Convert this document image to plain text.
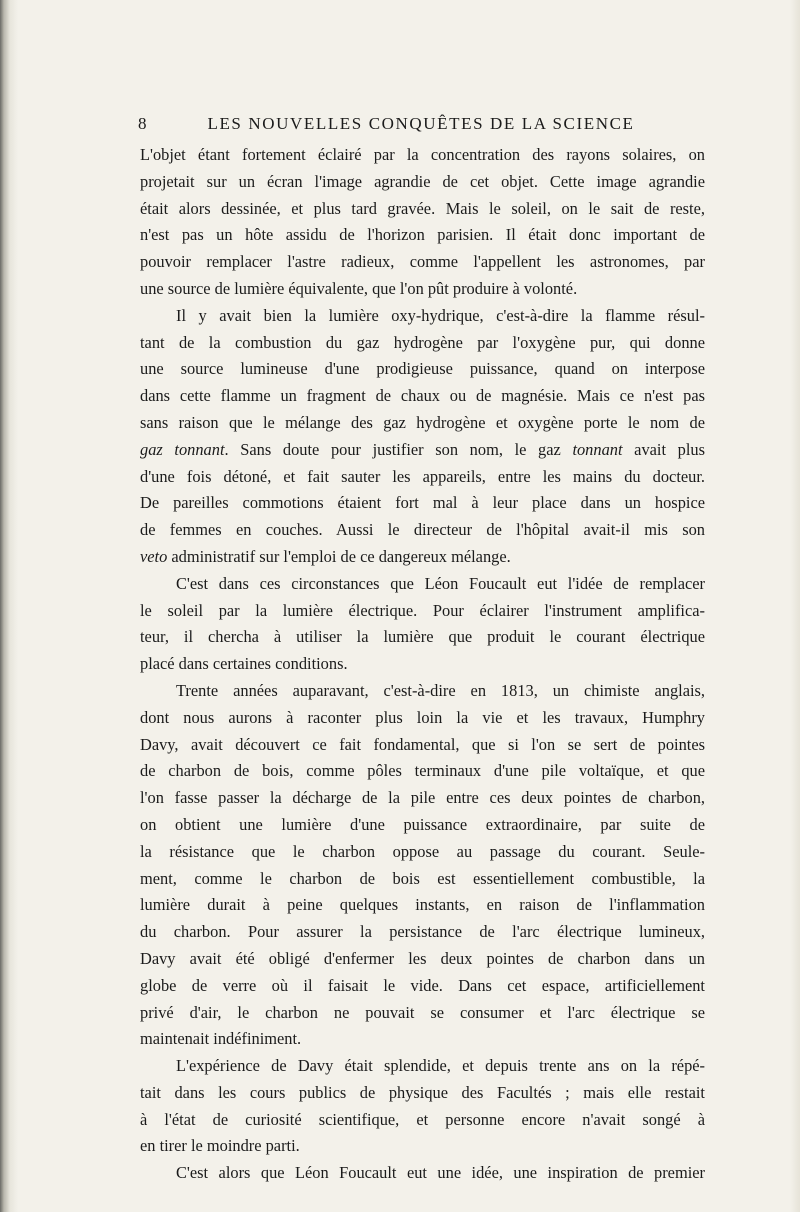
8	LES NOUVELLES CONQUÊTES DE LA SCIENCE
L'objet étant fortement éclairé par la concentration des rayons solaires, on
projetait sur un écran l'image agrandie de cet objet. Cette image agrandie
était alors dessinée, et plus tard gravée. Mais le soleil, on le sait de reste,
n'est pas un hôte assidu de l'horizon parisien. Il était donc important de
pouvoir remplacer l'astre radieux, comme l'appellent les astronomes, par
une source de lumière équivalente, que l'on pût produire à volonté.
Il y avait bien la lumière oxy-hydrique, c'est-à-dire la flamme résul-
tant de la combustion du gaz hydrogène par l'oxygène pur, qui donne
une source lumineuse d'une prodigieuse puissance, quand on interpose
dans cette flamme un fragment de chaux ou de magnésie. Mais ce n'est pas
sans raison que le mélange des gaz hydrogène et oxygène porte le nom de
gaz tonnant. Sans doute pour justifier son nom, le gaz tonnant avait plus
d'une fois détoné, et fait sauter les appareils, entre les mains du docteur.
De pareilles commotions étaient fort mal à leur place dans un hospice
de femmes en couches. Aussi le directeur de l'hôpital avait-il mis son
veto administratif sur l'emploi de ce dangereux mélange.
C'est dans ces circonstances que Léon Foucault eut l'idée de remplacer
le soleil par la lumière électrique. Pour éclairer l'instrument amplifica-
teur, il chercha à utiliser la lumière que produit le courant électrique
placé dans certaines conditions.
Trente années auparavant, c'est-à-dire en 1813, un chimiste anglais,
dont nous aurons à raconter plus loin la vie et les travaux, Humphry
Davy, avait découvert ce fait fondamental, que si l'on se sert de pointes
de charbon de bois, comme pôles terminaux d'une pile voltaïque, et que
l'on fasse passer la décharge de la pile entre ces deux pointes de charbon,
on obtient une lumière d'une puissance extraordinaire, par suite de
la résistance que le charbon oppose au passage du courant. Seule-
ment, comme le charbon de bois est essentiellement combustible, la
lumière durait à peine quelques instants, en raison de l'inflammation
du charbon. Pour assurer la persistance de l'arc électrique lumineux,
Davy avait été obligé d'enfermer les deux pointes de charbon dans un
globe de verre où il faisait le vide. Dans cet espace, artificiellement
privé d'air, le charbon ne pouvait se consumer et l'arc électrique se
maintenait indéfiniment.
L'expérience de Davy était splendide, et depuis trente ans on la répé-
tait dans les cours publics de physique des Facultés ; mais elle restait
à l'état de curiosité scientifique, et personne encore n'avait songé à
en tirer le moindre parti.
C'est alors que Léon Foucault eut une idée, une inspiration de premier
